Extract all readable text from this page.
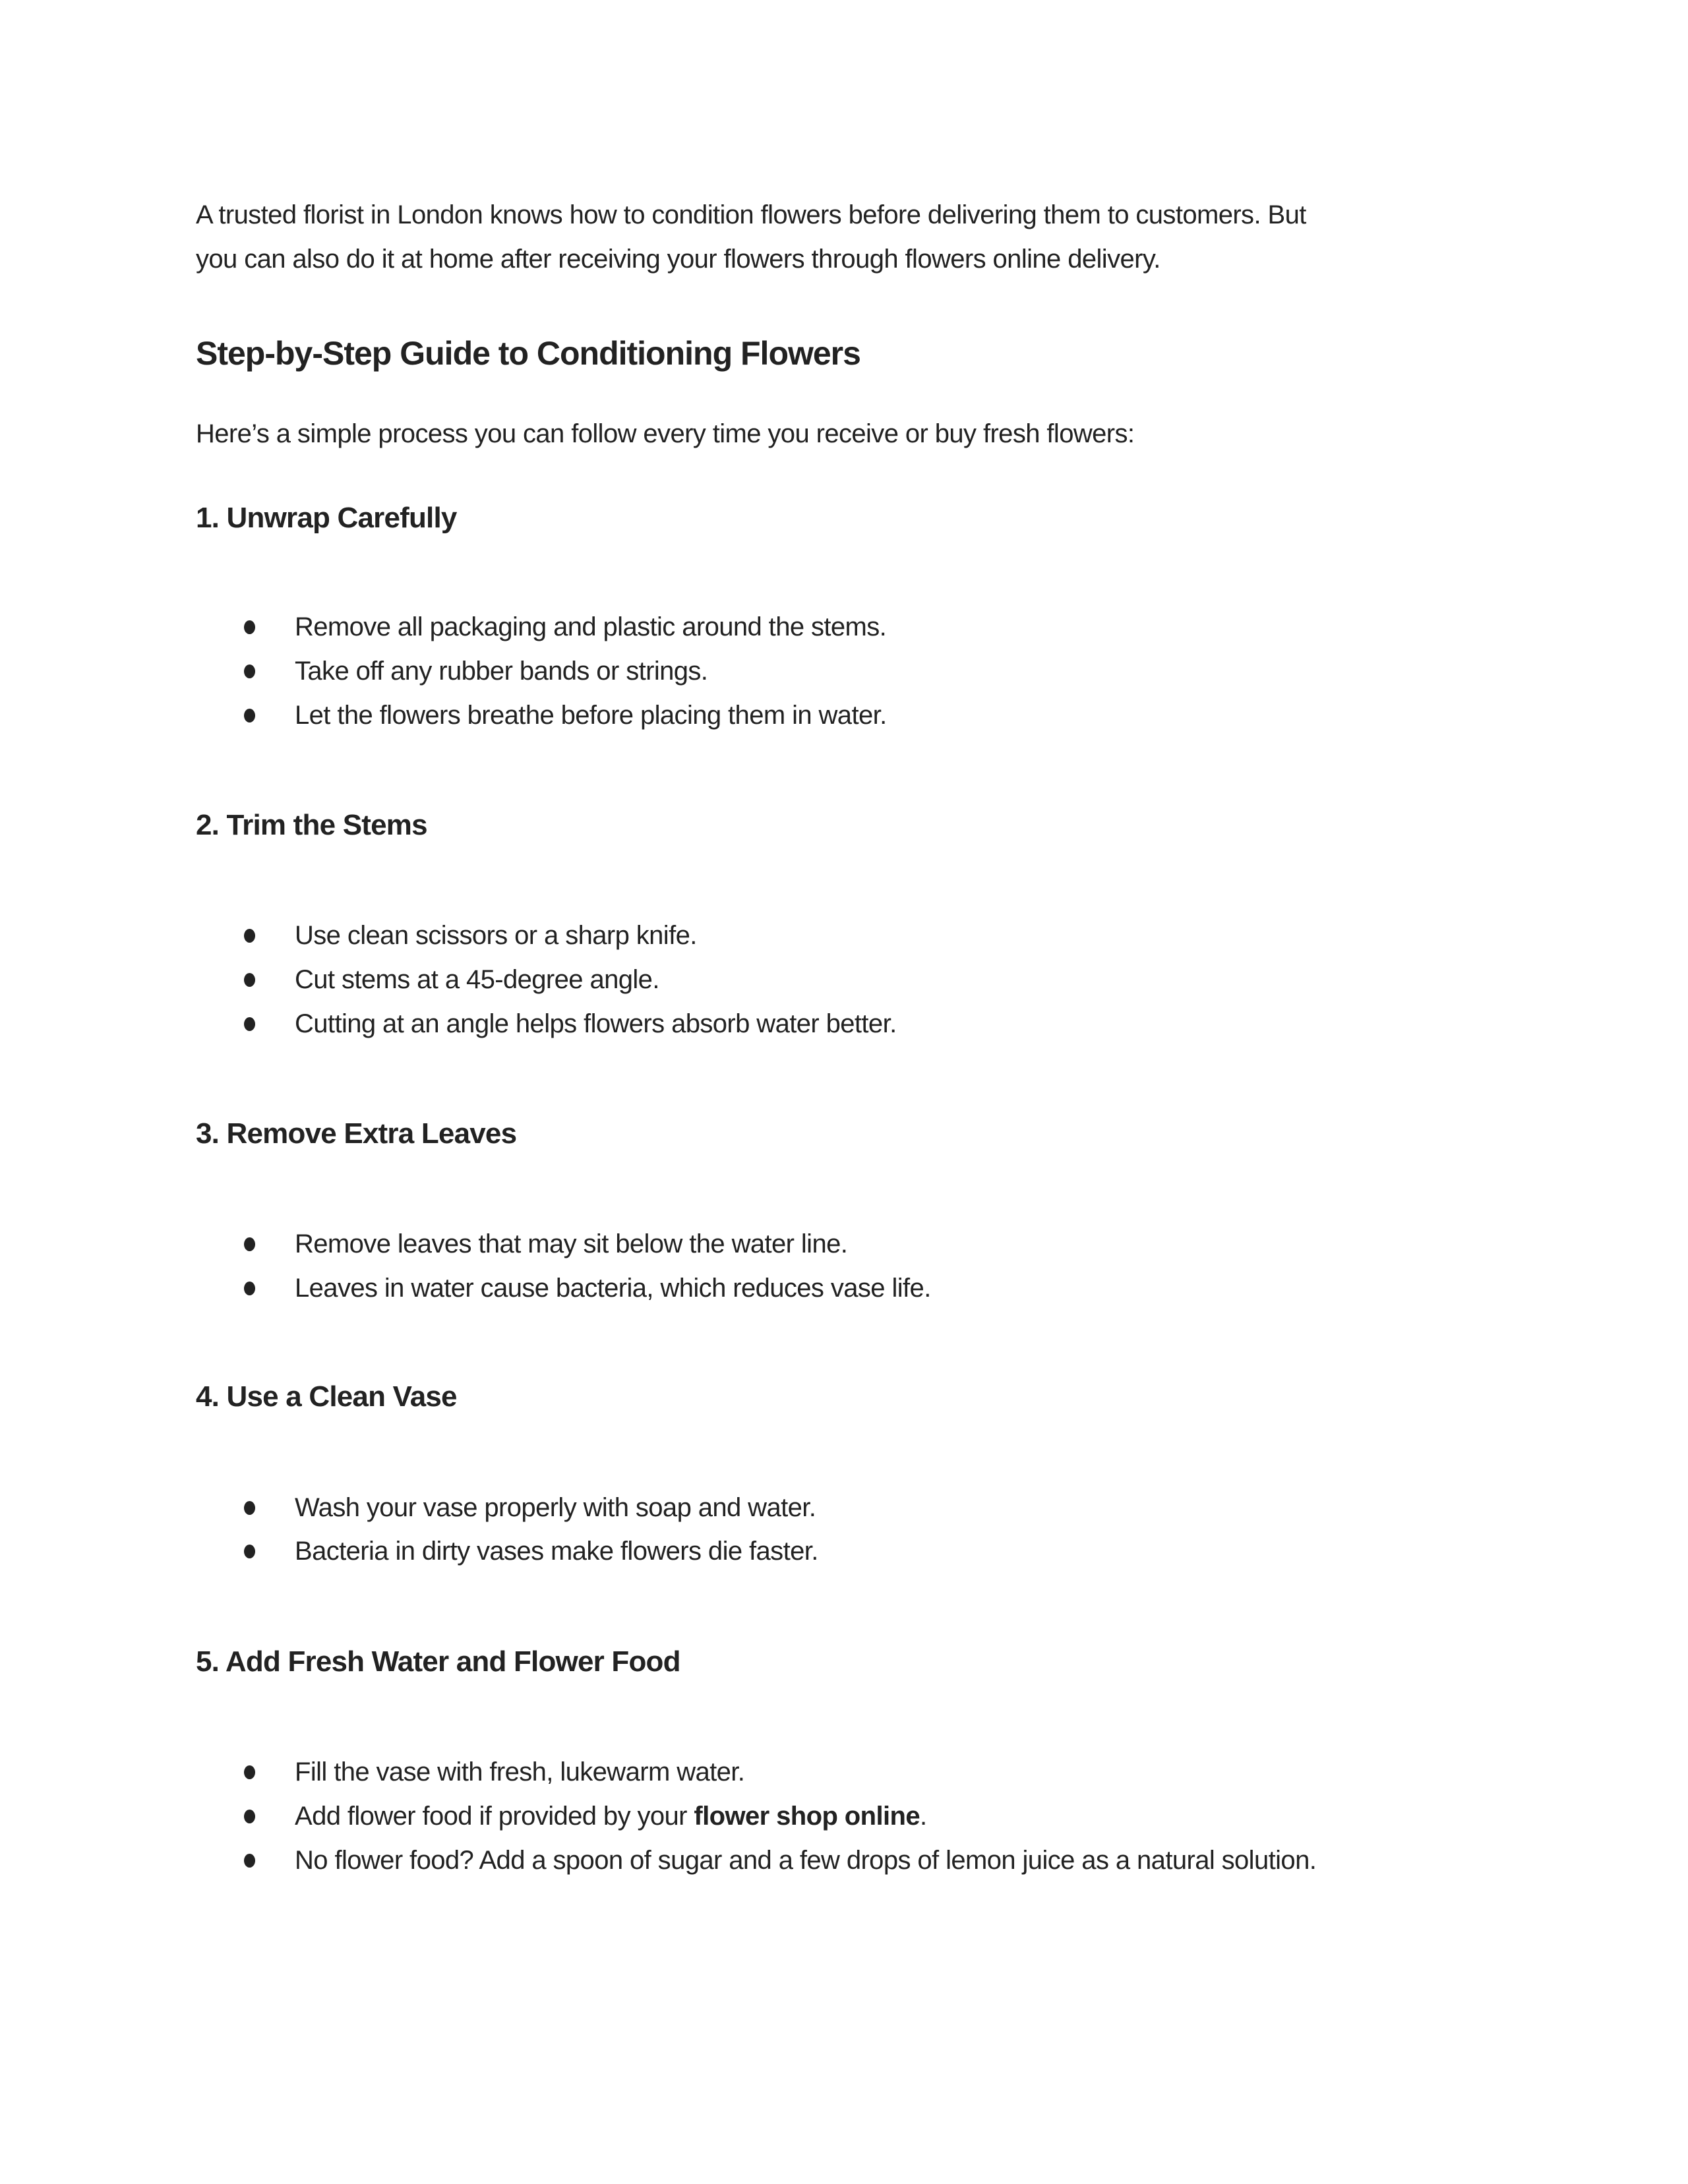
A trusted florist in London knows how to condition flowers before delivering them to customers. But
you can also do it at home after receiving your flowers through flowers online delivery.
Step-by-Step Guide to Conditioning Flowers
Here’s a simple process you can follow every time you receive or buy fresh flowers:
1. Unwrap Carefully
Remove all packaging and plastic around the stems.
Take off any rubber bands or strings.
Let the flowers breathe before placing them in water.
2. Trim the Stems
Use clean scissors or a sharp knife.
Cut stems at a 45-degree angle.
Cutting at an angle helps flowers absorb water better.
3. Remove Extra Leaves
Remove leaves that may sit below the water line.
Leaves in water cause bacteria, which reduces vase life.
4. Use a Clean Vase
Wash your vase properly with soap and water.
Bacteria in dirty vases make flowers die faster.
5. Add Fresh Water and Flower Food
Fill the vase with fresh, lukewarm water.
Add flower food if provided by your flower shop online.
No flower food? Add a spoon of sugar and a few drops of lemon juice as a natural solution.
